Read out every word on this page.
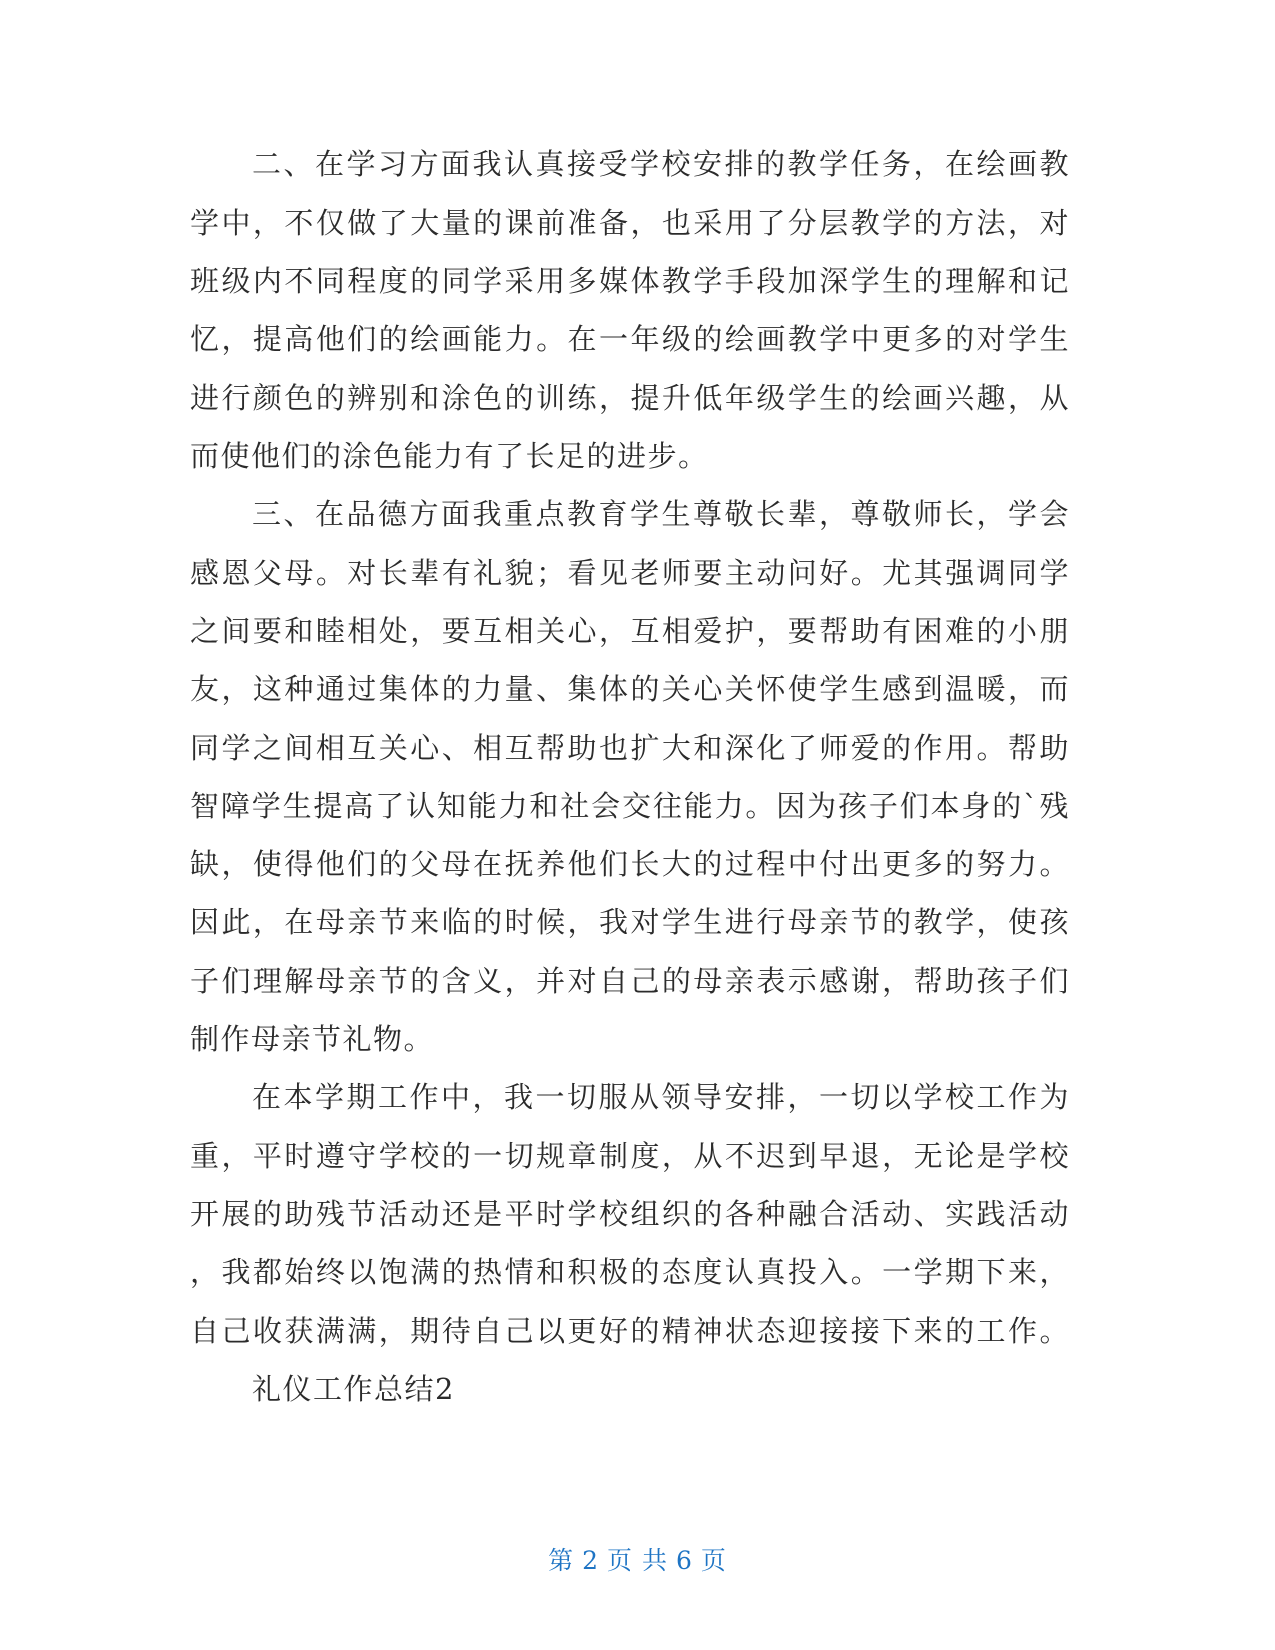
二、在学习方面我认真接受学校安排的教学任务，在绘画教
学中，不仅做了大量的课前准备，也采用了分层教学的方法，对
班级内不同程度的同学采用多媒体教学手段加深学生的理解和记
忆，提高他们的绘画能力。在一年级的绘画教学中更多的对学生
进行颜色的辨别和涂色的训练，提升低年级学生的绘画兴趣，从
而使他们的涂色能力有了长足的进步。
三、在品德方面我重点教育学生尊敬长辈，尊敬师长，学会
感恩父母。对长辈有礼貌；看见老师要主动问好。尤其强调同学
之间要和睦相处，要互相关心，互相爱护，要帮助有困难的小朋
友，这种通过集体的力量、集体的关心关怀使学生感到温暖，而
同学之间相互关心、相互帮助也扩大和深化了师爱的作用。帮助
智障学生提高了认知能力和社会交往能力。因为孩子们本身的`残
缺，使得他们的父母在抚养他们长大的过程中付出更多的努力。
因此，在母亲节来临的时候，我对学生进行母亲节的教学，使孩
子们理解母亲节的含义，并对自己的母亲表示感谢，帮助孩子们
制作母亲节礼物。
在本学期工作中，我一切服从领导安排，一切以学校工作为
重，平时遵守学校的一切规章制度，从不迟到早退，无论是学校
开展的助残节活动还是平时学校组织的各种融合活动、实践活动
，我都始终以饱满的热情和积极的态度认真投入。一学期下来，
自己收获满满，期待自己以更好的精神状态迎接接下来的工作。
礼仪工作总结2
第 2 页 共 6 页
